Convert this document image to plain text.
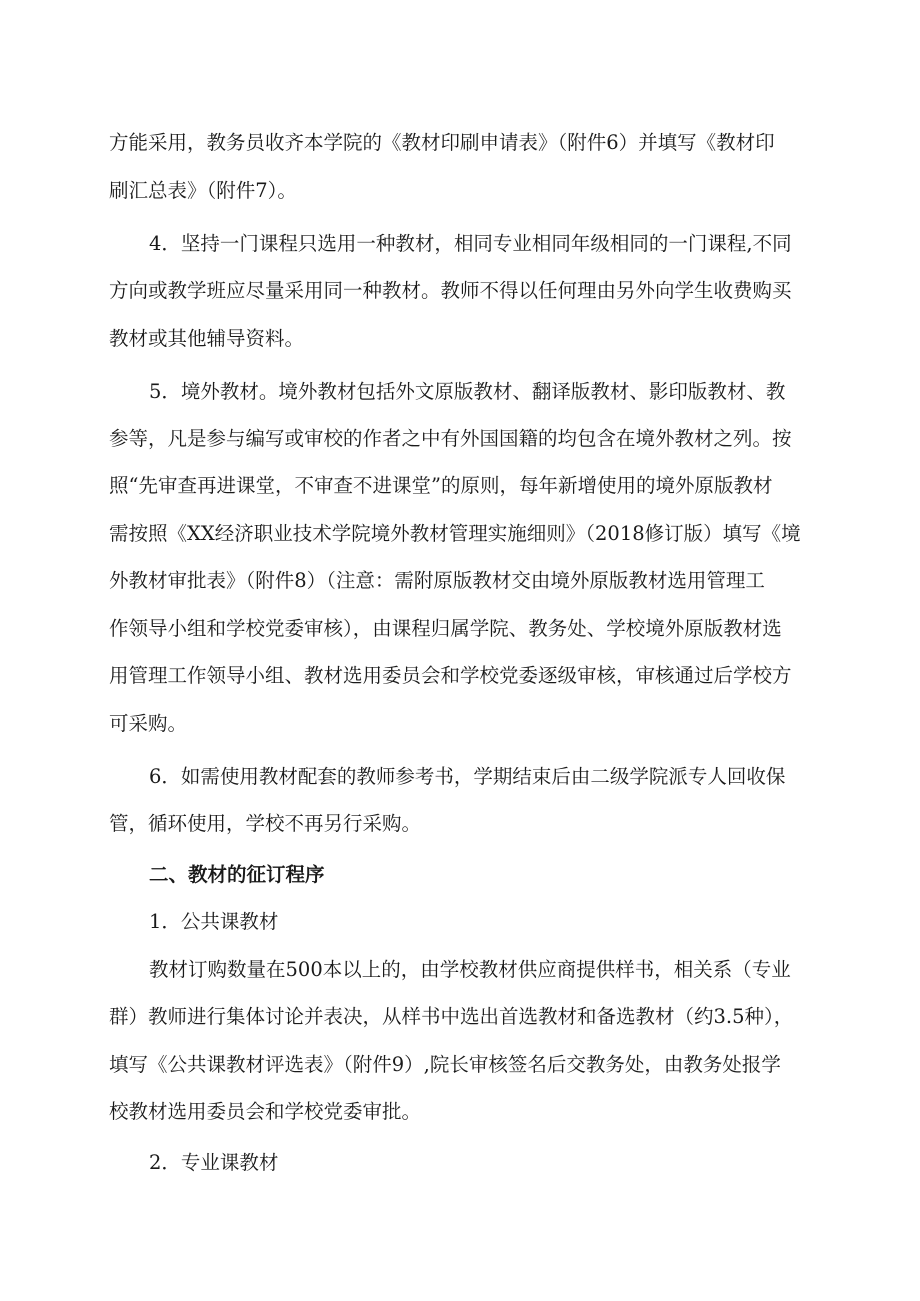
方能采用，教务员收齐本学院的《教材印刷申请表》（附件6）并填写《教材印
刷汇总表》（附件7）。
4．坚持一门课程只选用一种教材，相同专业相同年级相同的一门课程,不同
方向或教学班应尽量采用同一种教材。教师不得以任何理由另外向学生收费购买
教材或其他辅导资料。
5．境外教材。境外教材包括外文原版教材、翻译版教材、影印版教材、教
参等，凡是参与编写或审校的作者之中有外国国籍的均包含在境外教材之列。按
照“先审查再进课堂，不审查不进课堂”的原则，每年新增使用的境外原版教材
需按照《XX经济职业技术学院境外教材管理实施细则》（2018修订版）填写《境
外教材审批表》（附件8）（注意：需附原版教材交由境外原版教材选用管理工
作领导小组和学校党委审核），由课程归属学院、教务处、学校境外原版教材选
用管理工作领导小组、教材选用委员会和学校党委逐级审核，审核通过后学校方
可采购。
6．如需使用教材配套的教师参考书，学期结束后由二级学院派专人回收保
管，循环使用，学校不再另行采购。
二、教材的征订程序
1．公共课教材
教材订购数量在500本以上的，由学校教材供应商提供样书，相关系（专业
群）教师进行集体讨论并表决，从样书中选出首选教材和备选教材（约3.5种），
填写《公共课教材评选表》（附件9）,院长审核签名后交教务处，由教务处报学
校教材选用委员会和学校党委审批。
2．专业课教材
